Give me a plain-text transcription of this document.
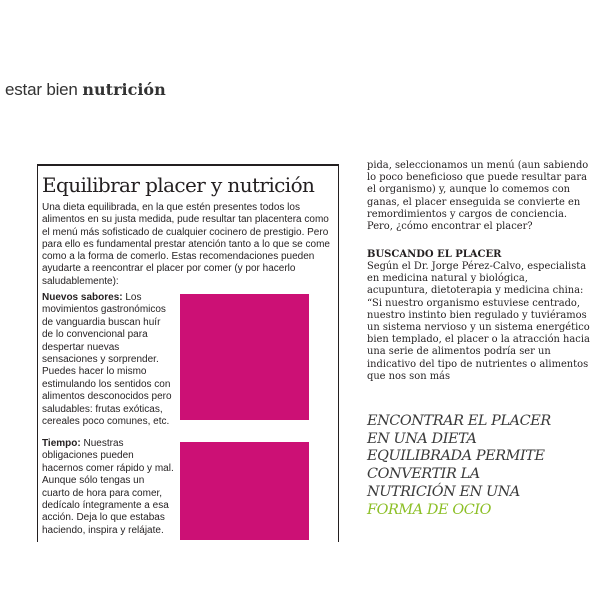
estar bien nutrición
Equilibrar placer y nutrición

Una dieta equilibrada, en la que estén presentes todos los alimentos en su justa medida, pude resultar tan placentera como el menú más sofisticado de cualquier cocinero de prestigio. Pero para ello es fundamental prestar atención tanto a lo que se come como a la forma de comerlo. Estas recomendaciones pueden ayudarte a reencontrar el placer por comer (y por hacerlo saludablemente):

Nuevos sabores: Los movimientos gastronómicos de vanguardia buscan huír de lo convencional para despertar nuevas sensaciones y sorprender. Puedes hacer lo mismo estimulando los sentidos con alimentos desconocidos pero saludables: frutas exóticas, cereales poco comunes, etc.

Tiempo: Nuestras obligaciones pueden hacernos comer rápido y mal. Aunque sólo tengas un cuarto de hora para comer, dedícalo íntegramente a esa acción. Deja lo que estabas haciendo, inspira y relájate.

pida, seleccionamos un menú (aun sabiendo lo poco beneficioso que puede resultar para el organismo) y, aunque lo comemos con ganas, el placer enseguida se convierte en remordimientos y cargos de conciencia. Pero, ¿cómo encontrar el placer?

BUSCANDO EL PLACER

Según el Dr. Jorge Pérez-Calvo, especialista en medicina natural y biológica, acupuntura, dietoterapia y medicina china: “Si nuestro organismo estuviese centrado, nuestro instinto bien regulado y tuviéramos un sistema nervioso y un sistema energético bien templado, el placer o la atracción hacia una serie de alimentos podría ser un indicativo del tipo de nutrientes o alimentos que nos son más

ENCONTRAR EL PLACER
EN UNA DIETA
EQUILIBRADA PERMITE
CONVERTIR LA
NUTRICIÓN EN UNA
FORMA DE OCIO
